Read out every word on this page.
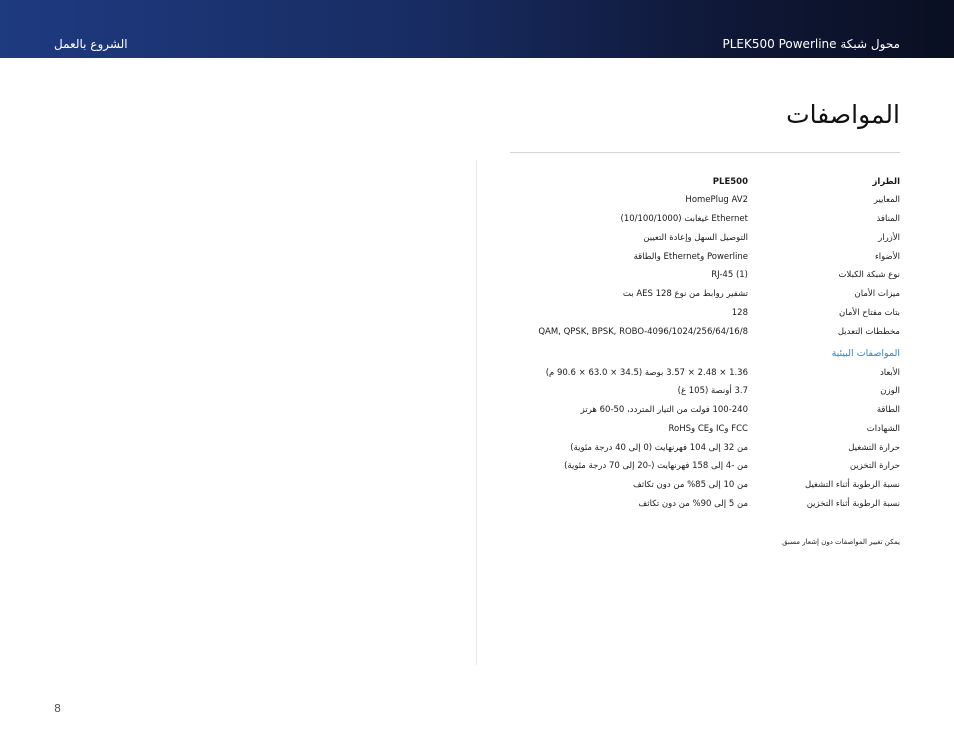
الشروع بالعمل	محول شبكة PLEK500 Powerline
المواصفات
الطراز
PLE500
المعايير
HomePlug AV2
المنافذ
Ethernet غيغابت (10/100/1000)
الأزرار
التوصيل السهل وإعادة التعيين
الأضواء
Powerline وEthernet والطاقة
نوع شبكة الكبلات
RJ-45 (1)
ميزات الأمان
تشفير روابط من نوع AES 128 بت
بتات مفتاح الأمان
128
مخططات التعديل
4096/1024/256/64/16/8-QAM, QPSK, BPSK, ROBO
المواصفات البيئية
الأبعاد
1.36 × 2.48 × 3.57 بوصة (34.5 × 63.0 × 90.6 م)
الوزن
3.7 أونصة (105 غ)
الطاقة
100-240 فولت من التيار المتردد، 50-60 هرتز
الشهادات
FCC وIC وCE وRoHS
حرارة التشغيل
من 32 إلى 104 فهرنهايت (0 إلى 40 درجة مئوية)
حرارة التخزين
من -4 إلى 158 فهرنهايت (-20 إلى 70 درجة مئوية)
نسبة الرطوبة أثناء التشغيل
من 10 إلى 85% من دون تكاثف
نسبة الرطوبة أثناء التخزين
من 5 إلى 90% من دون تكاثف
يمكن تغيير المواصفات دون إشعار مسبق
8
